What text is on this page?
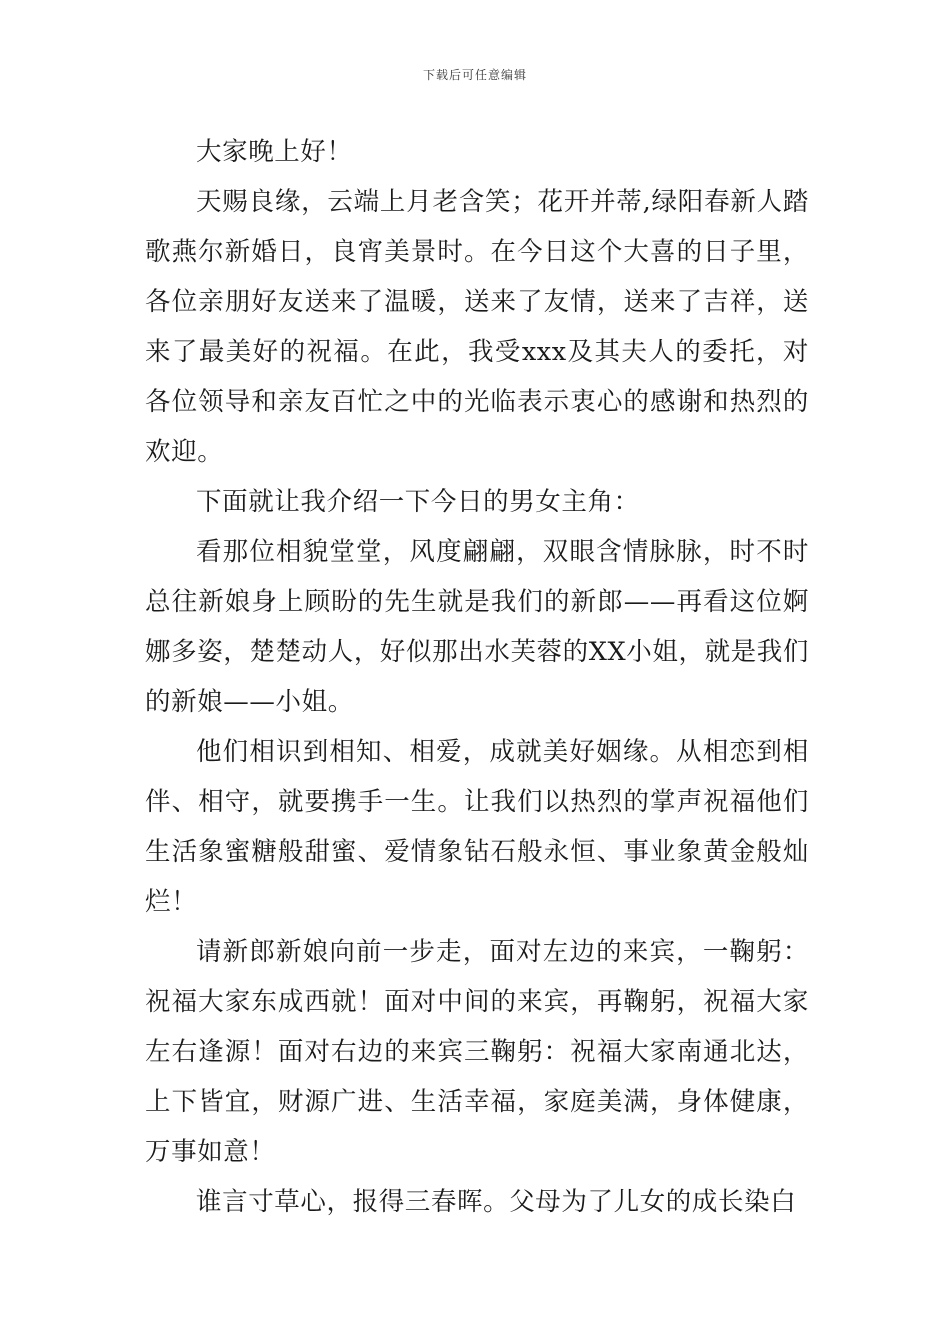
下载后可任意编辑

大家晚上好！

天赐良缘，云端上月老含笑；花开并蒂,绿阳春新人踏歌燕尔新婚日，良宵美景时。在今日这个大喜的日子里，各位亲朋好友送来了温暖，送来了友情，送来了吉祥，送来了最美好的祝福。在此，我受xxx及其夫人的委托，对各位领导和亲友百忙之中的光临表示衷心的感谢和热烈的欢迎。

下面就让我介绍一下今日的男女主角：

看那位相貌堂堂，风度翩翩，双眼含情脉脉，时不时总往新娘身上顾盼的先生就是我们的新郎——再看这位婀娜多姿，楚楚动人，好似那出水芙蓉的XX小姐，就是我们的新娘——小姐。

他们相识到相知、相爱，成就美好姻缘。从相恋到相伴、相守，就要携手一生。让我们以热烈的掌声祝福他们生活象蜜糖般甜蜜、爱情象钻石般永恒、事业象黄金般灿烂！

请新郎新娘向前一步走，面对左边的来宾，一鞠躬：祝福大家东成西就！面对中间的来宾，再鞠躬，祝福大家左右逢源！面对右边的来宾三鞠躬：祝福大家南通北达，上下皆宜，财源广进、生活幸福，家庭美满，身体健康，万事如意！

谁言寸草心，报得三春晖。父母为了儿女的成长染白
